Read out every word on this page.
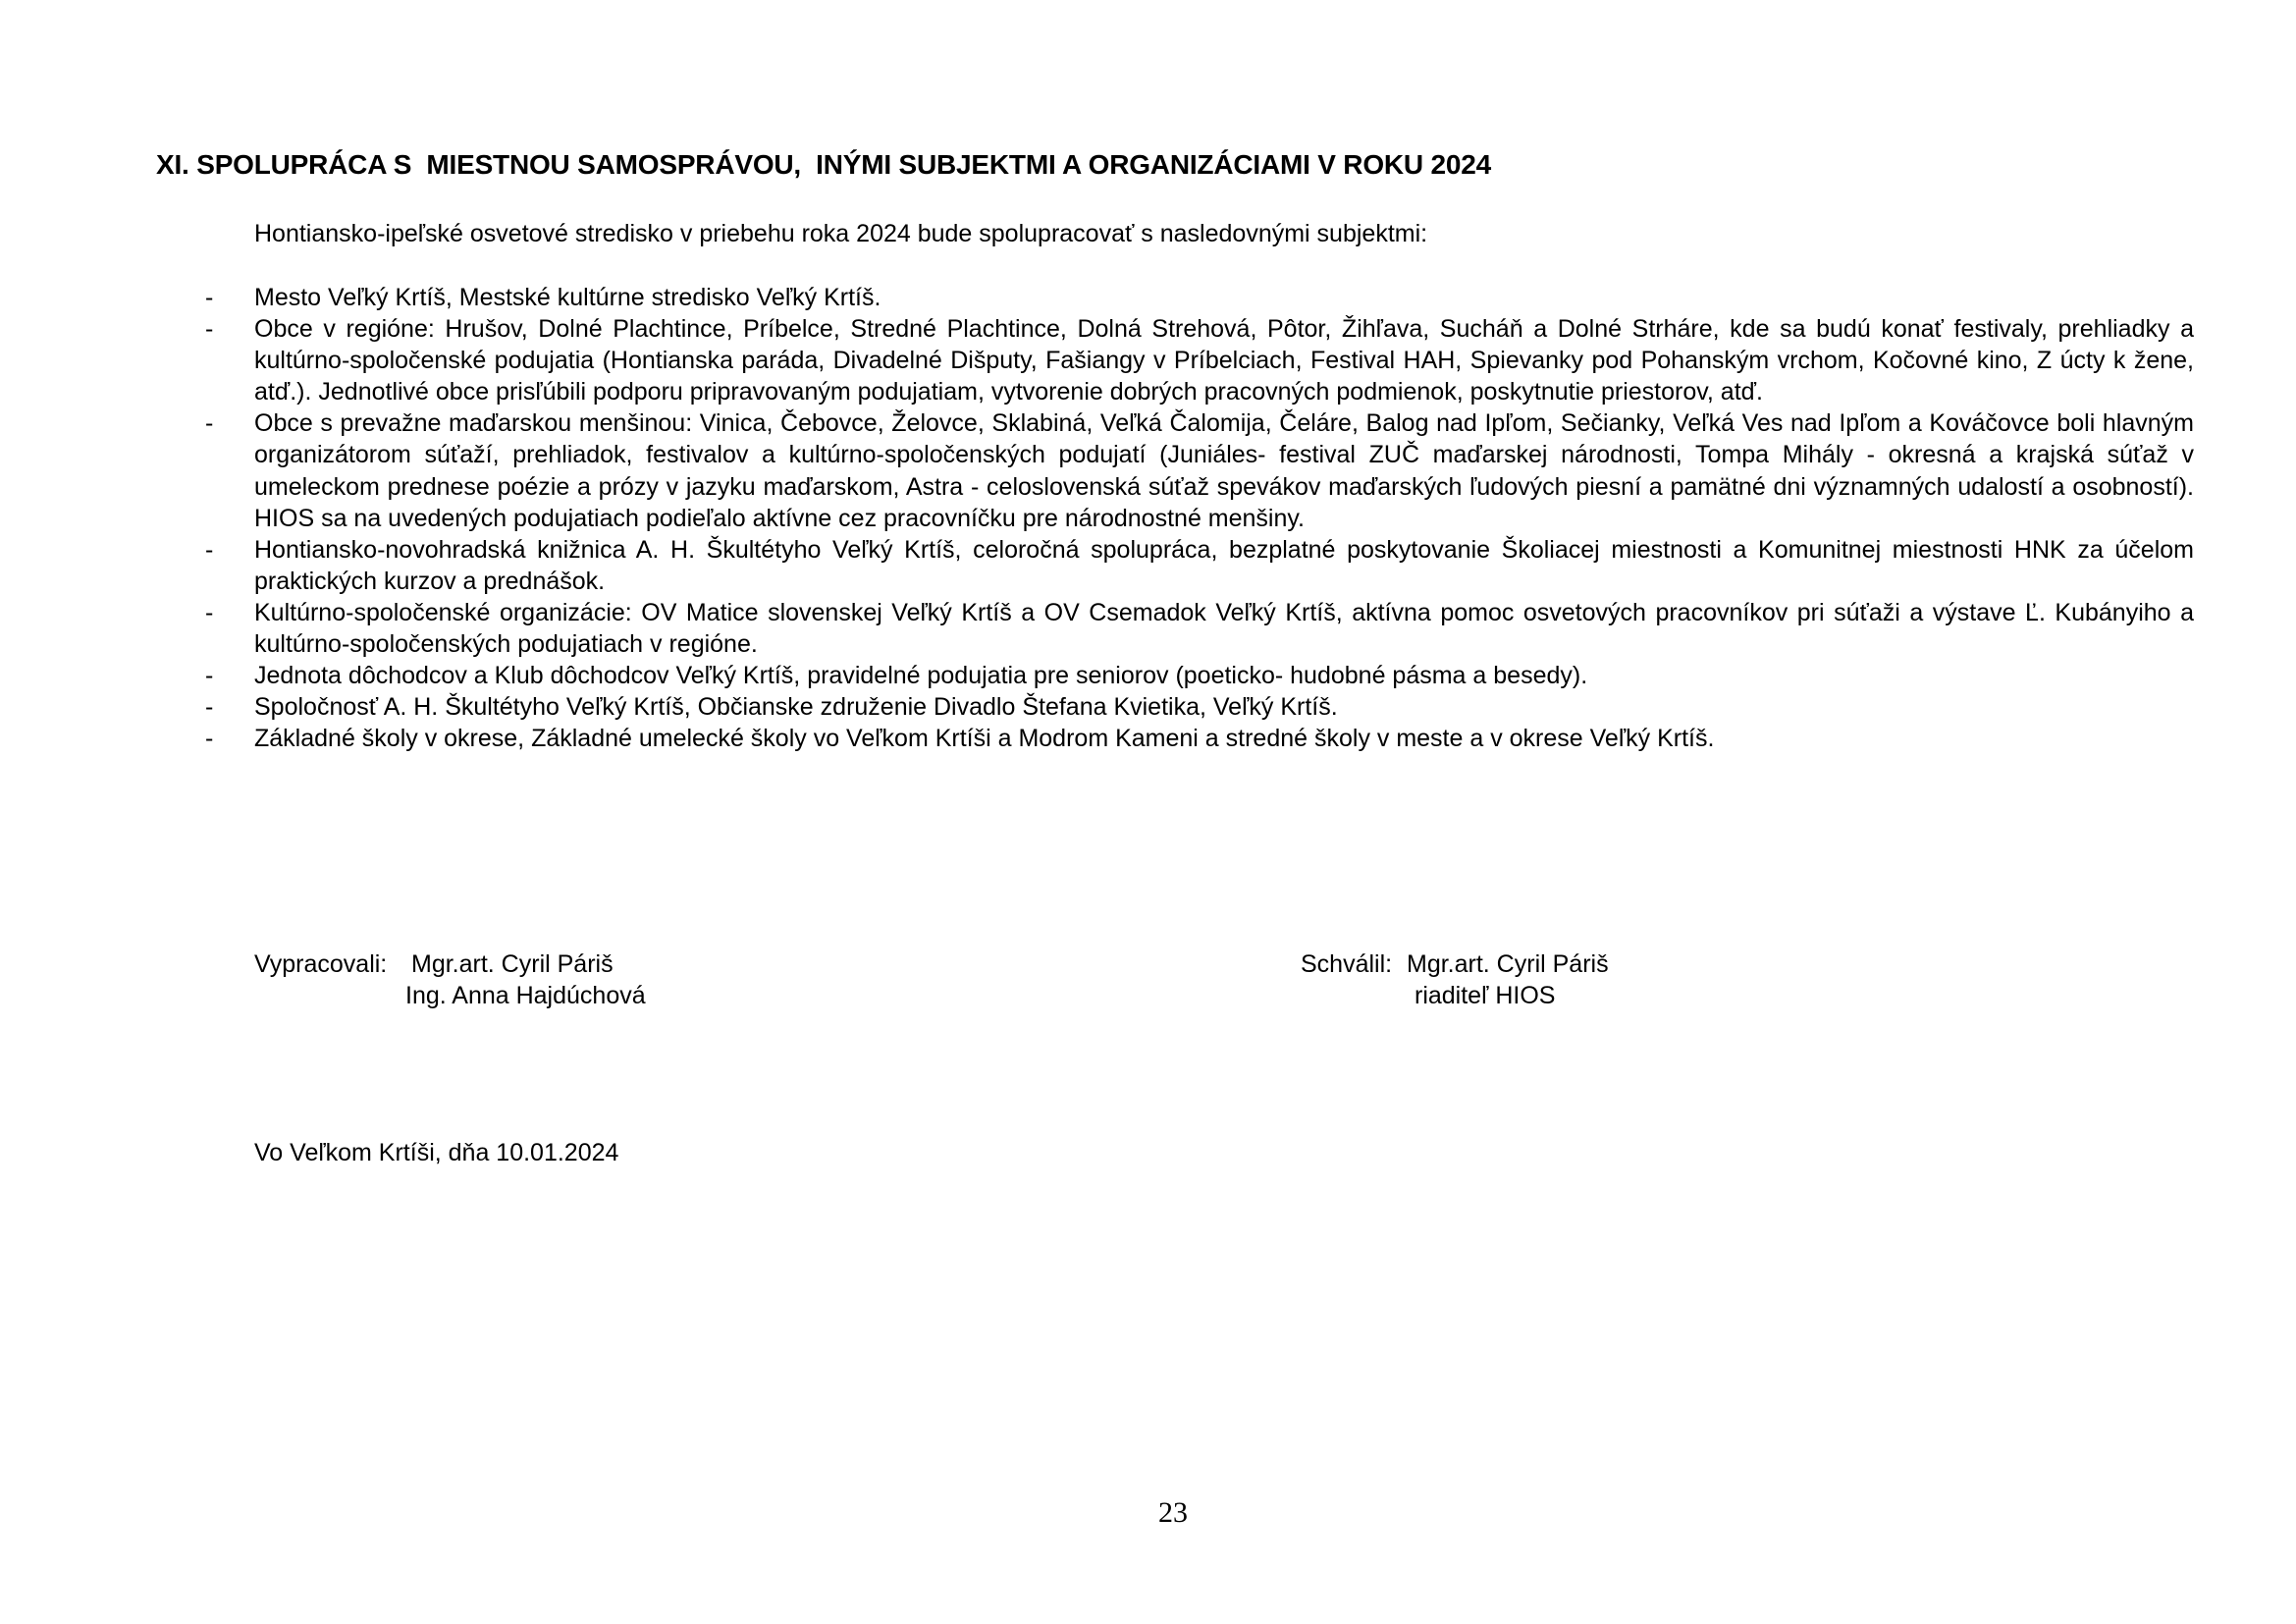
XI. SPOLUPRÁCA S  MIESTNOU SAMOSPRÁVOU,  INÝMI SUBJEKTMI A ORGANIZÁCIAMI V ROKU 2024
Hontiansko-ipeľské osvetové stredisko v priebehu roka 2024 bude spolupracovať s nasledovnými subjektmi:
- Mesto Veľký Krtíš, Mestské kultúrne stredisko Veľký Krtíš.
- Obce v regióne: Hrušov, Dolné Plachtince, Príbelce, Stredné Plachtince, Dolná Strehová, Pôtor, Žihľava, Sucháň a Dolné Strháre, kde sa budú konať festivaly, prehliadky a kultúrno-spoločenské podujatia (Hontianska paráda, Divadelné Dišputy, Fašiangy v Príbelciach, Festival HAH, Spievanky pod Pohanským vrchom, Kočovné kino, Z úcty k žene, atď.). Jednotlivé obce prisľúbili podporu pripravovaným podujatiam, vytvorenie dobrých pracovných podmienok, poskytnutie priestorov, atď.
- Obce s prevažne maďarskou menšinou: Vinica, Čebovce, Želovce, Sklabiná, Veľká Čalomija, Čeláre, Balog nad Ipľom, Sečianky, Veľká Ves nad Ipľom a Kováčovce boli hlavným organizátorom súťaží, prehliadok, festivalov a kultúrno-spoločenských podujatí (Juniáles- festival ZUČ maďarskej národnosti, Tompa Mihály - okresná a krajská súťaž v umeleckom prednese poézie a prózy v jazyku maďarskom, Astra - celoslovenská súťaž spevákov maďarských ľudových piesní a pamätné dni významných udalostí a osobností). HIOS sa na uvedených podujatiach podieľalo aktívne cez pracovníčku pre národnostné menšiny.
- Hontiansko-novohradská knižnica A. H. Škultétyho Veľký Krtíš, celoročná spolupráca, bezplatné poskytovanie Školiacej miestnosti a Komunitnej miestnosti HNK za účelom praktických kurzov a prednášok.
- Kultúrno-spoločenské organizácie: OV Matice slovenskej Veľký Krtíš a OV Csemadok Veľký Krtíš, aktívna pomoc osvetových pracovníkov pri súťaži a výstave Ľ. Kubányiho a kultúrno-spoločenských podujatiach v regióne.
- Jednota dôchodcov a Klub dôchodcov Veľký Krtíš, pravidelné podujatia pre seniorov (poeticko- hudobné pásma a besedy).
- Spoločnosť A. H. Škultétyho Veľký Krtíš, Občianske združenie Divadlo Štefana Kvietika, Veľký Krtíš.
- Základné školy v okrese, Základné umelecké školy vo Veľkom Krtíši a Modrom Kameni a stredné školy v meste a v okrese Veľký Krtíš.
Vypracovali: Mgr.art. Cyril Páriš
Ing. Anna Hajdúchová
Schválil: Mgr.art. Cyril Páriš
riaditeľ HIOS
Vo Veľkom Krtíši, dňa 10.01.2024
23
